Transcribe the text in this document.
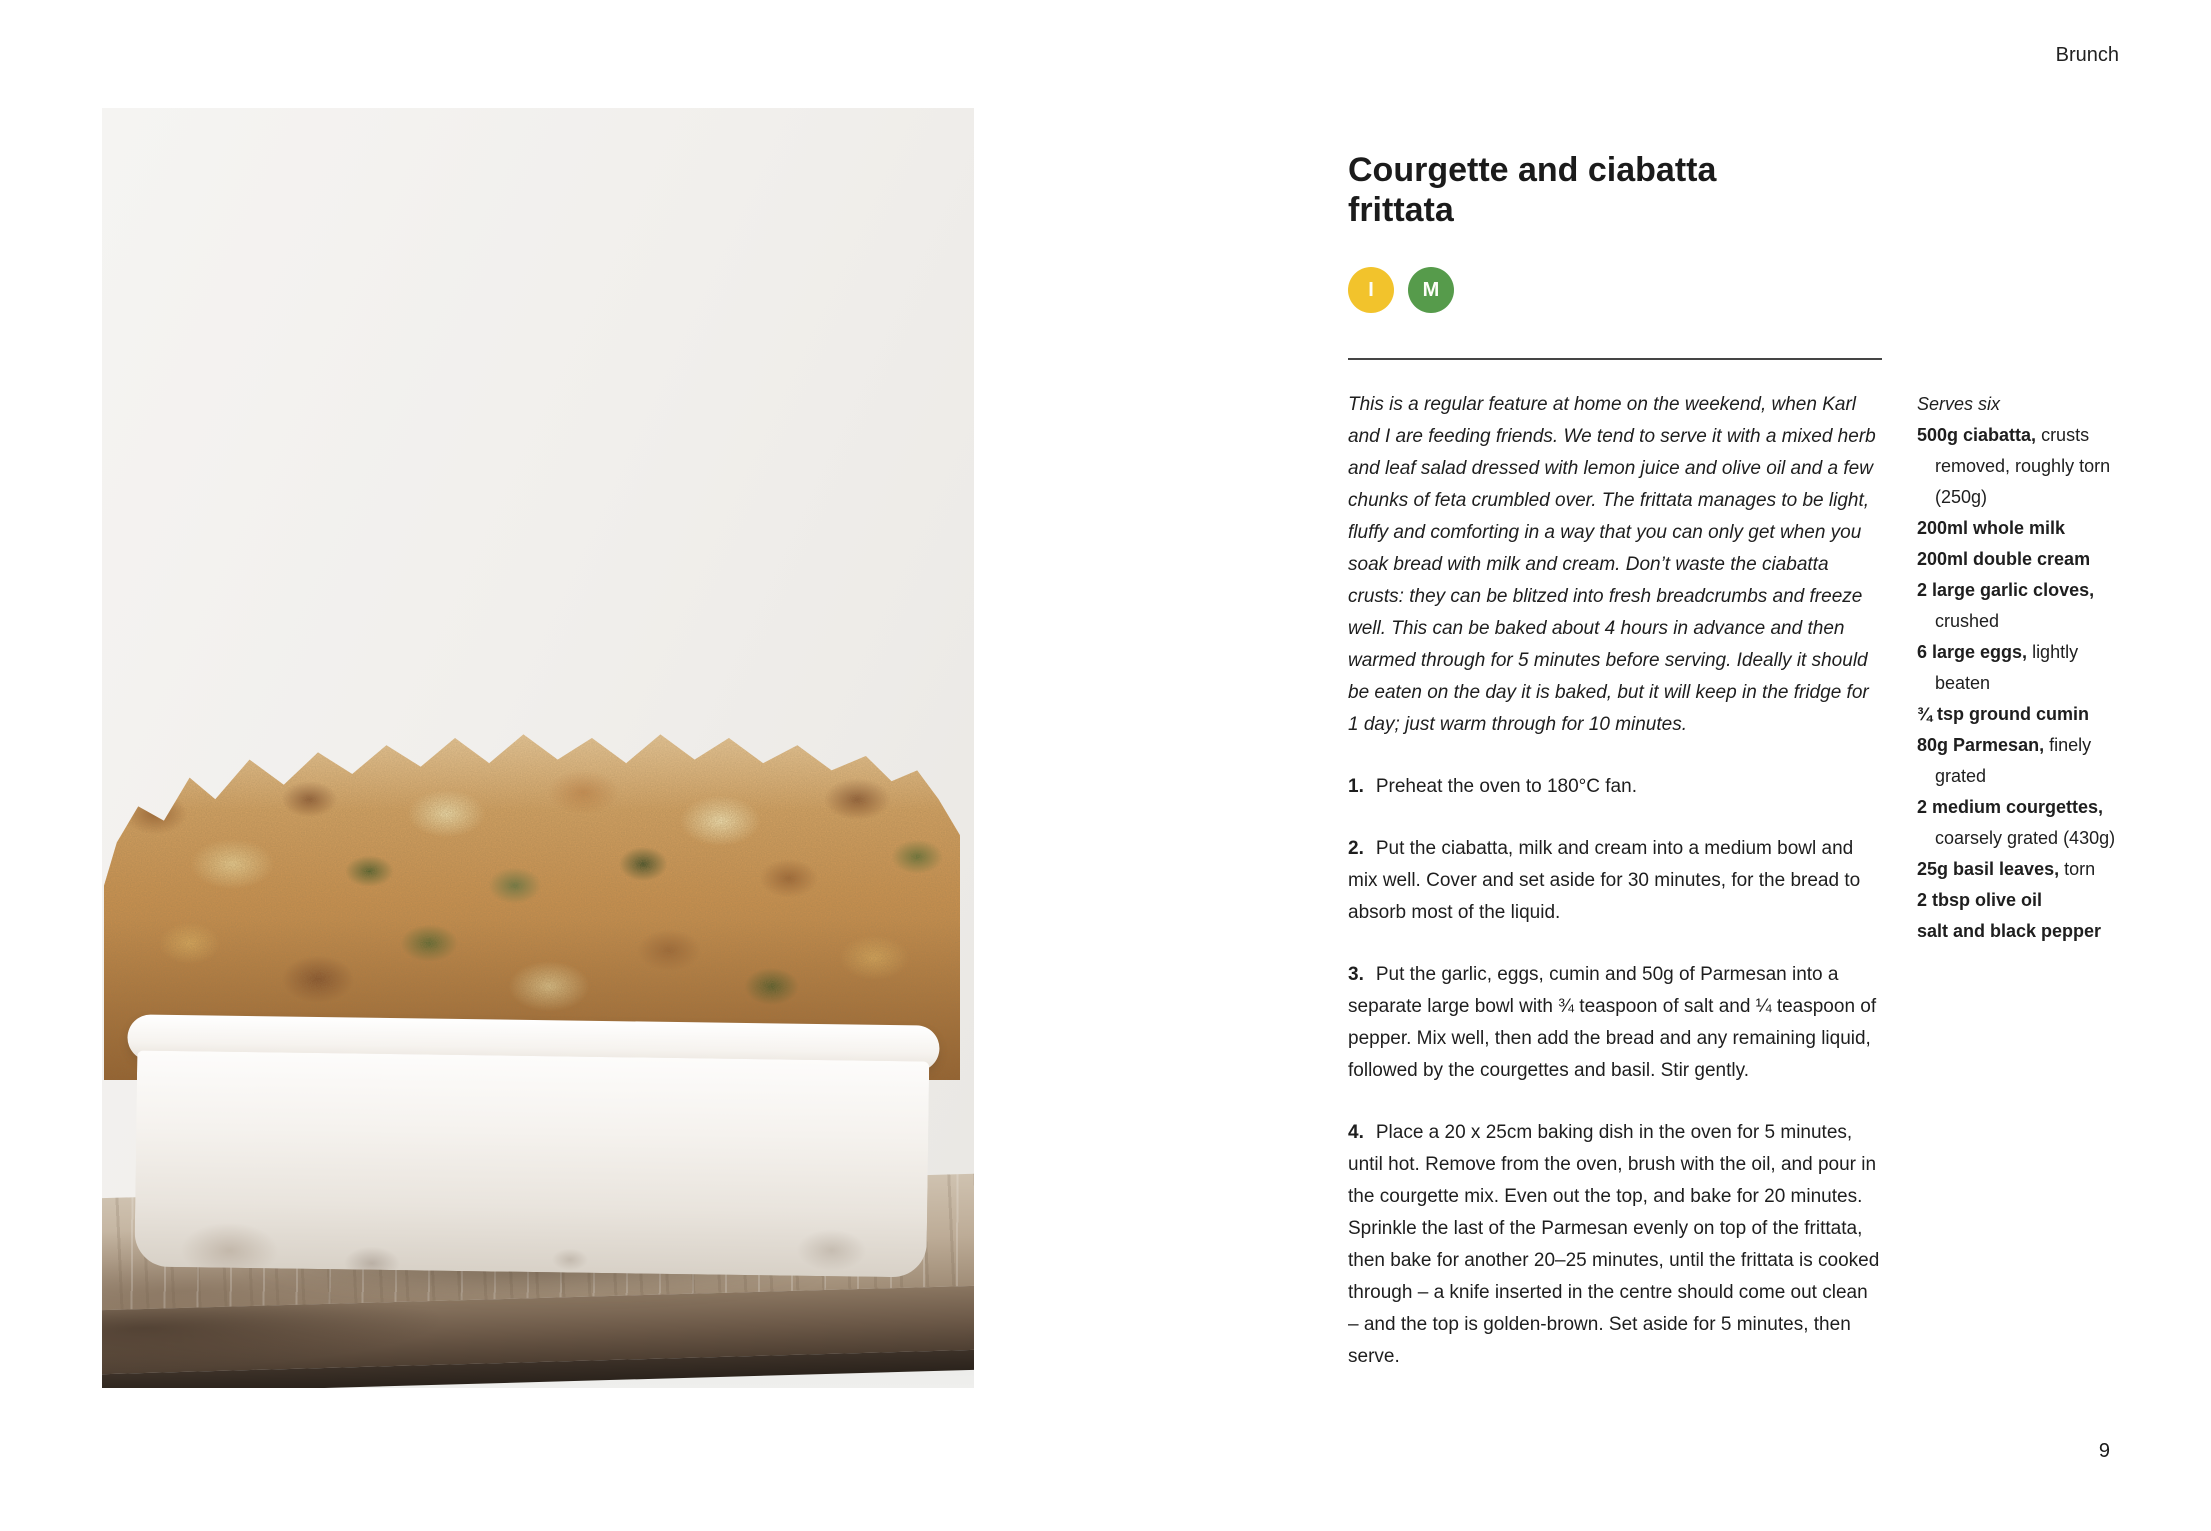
Brunch
Courgette and ciabatta
frittata
I	M

This is a regular feature at home on the weekend, when Karl and I are feeding friends. We tend to serve it with a mixed herb and leaf salad dressed with lemon juice and olive oil and a few chunks of feta crumbled over. The frittata manages to be light, fluffy and comforting in a way that you can only get when you soak bread with milk and cream. Don’t waste the ciabatta crusts: they can be blitzed into fresh breadcrumbs and freeze well. This can be baked about 4 hours in advance and then warmed through for 5 minutes before serving. Ideally it should be eaten on the day it is baked, but it will keep in the fridge for 1 day; just warm through for 10 minutes.

1. Preheat the oven to 180°C fan.

2. Put the ciabatta, milk and cream into a medium bowl and mix well. Cover and set aside for 30 minutes, for the bread to absorb most of the liquid.

3. Put the garlic, eggs, cumin and 50g of Parmesan into a separate large bowl with ¾ teaspoon of salt and ¼ teaspoon of pepper. Mix well, then add the bread and any remaining liquid, followed by the courgettes and basil. Stir gently.

4. Place a 20 x 25cm baking dish in the oven for 5 minutes, until hot. Remove from the oven, brush with the oil, and pour in the courgette mix. Even out the top, and bake for 20 minutes. Sprinkle the last of the Parmesan evenly on top of the frittata, then bake for another 20–25 minutes, until the frittata is cooked through – a knife inserted in the centre should come out clean – and the top is golden-brown. Set aside for 5 minutes, then serve.

Serves six
500g ciabatta, crusts removed, roughly torn (250g)
200ml whole milk
200ml double cream
2 large garlic cloves, crushed
6 large eggs, lightly beaten
¾ tsp ground cumin
80g Parmesan, finely grated
2 medium courgettes, coarsely grated (430g)
25g basil leaves, torn
2 tbsp olive oil
salt and black pepper
9
